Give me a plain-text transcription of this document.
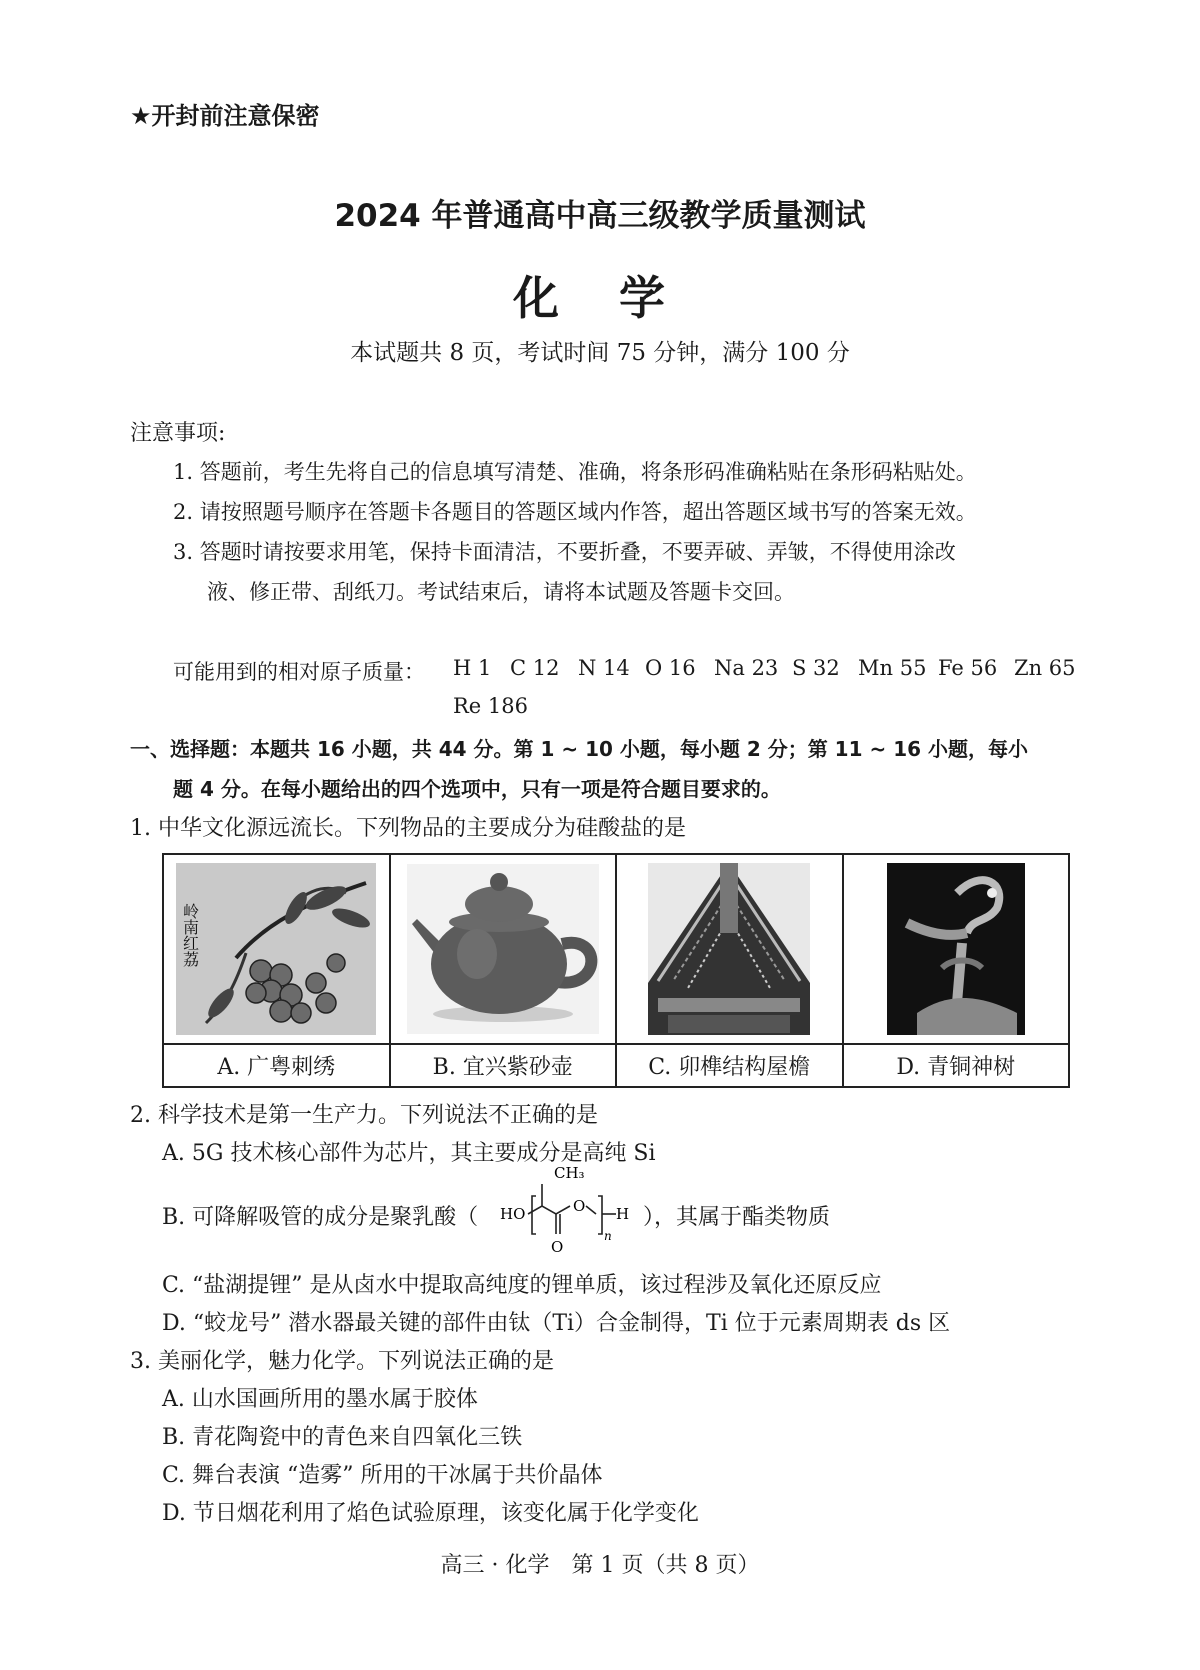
★开封前注意保密
2024 年普通高中高三级教学质量测试
化 学
本试题共 8 页，考试时间 75 分钟，满分 100 分
注意事项:
1. 答题前，考生先将自己的信息填写清楚、准确，将条形码准确粘贴在条形码粘贴处。
2. 请按照题号顺序在答题卡各题目的答题区域内作答，超出答题区域书写的答案无效。
3. 答题时请按要求用笔，保持卡面清洁，不要折叠，不要弄破、弄皱，不得使用涂改
液、修正带、刮纸刀。考试结束后，请将本试题及答题卡交回。
可能用到的相对原子质量： H 1 C 12 N 14 O 16 Na 23 S 32 Mn 55 Fe 56 Zn 65
Re 186
一、选择题：本题共 16 小题，共 44 分。第 1 ~ 10 小题，每小题 2 分；第 11 ~ 16 小题，每小
题 4 分。在每小题给出的四个选项中，只有一项是符合题目要求的。
1. 中华文化源远流长。下列物品的主要成分为硅酸盐的是
岭南红荔

A. 广粤刺绣	B. 宜兴紫砂壶	C. 卯榫结构屋檐	D. 青铜神树
2. 科学技术是第一生产力。下列说法不正确的是
A. 5G 技术核心部件为芯片，其主要成分是高纯 Si
B. 可降解吸管的成分是聚乳酸（
CH₃
HO
O
O
n
H ），其属于酯类物质
C. “盐湖提锂” 是从卤水中提取高纯度的锂单质，该过程涉及氧化还原反应
D. “蛟龙号” 潜水器最关键的部件由钛（Ti）合金制得，Ti 位于元素周期表 ds 区
3. 美丽化学，魅力化学。下列说法正确的是
A. 山水国画所用的墨水属于胶体
B. 青花陶瓷中的青色来自四氧化三铁
C. 舞台表演 “造雾” 所用的干冰属于共价晶体
D. 节日烟花利用了焰色试验原理，该变化属于化学变化
高三 · 化学　第 1 页（共 8 页）
